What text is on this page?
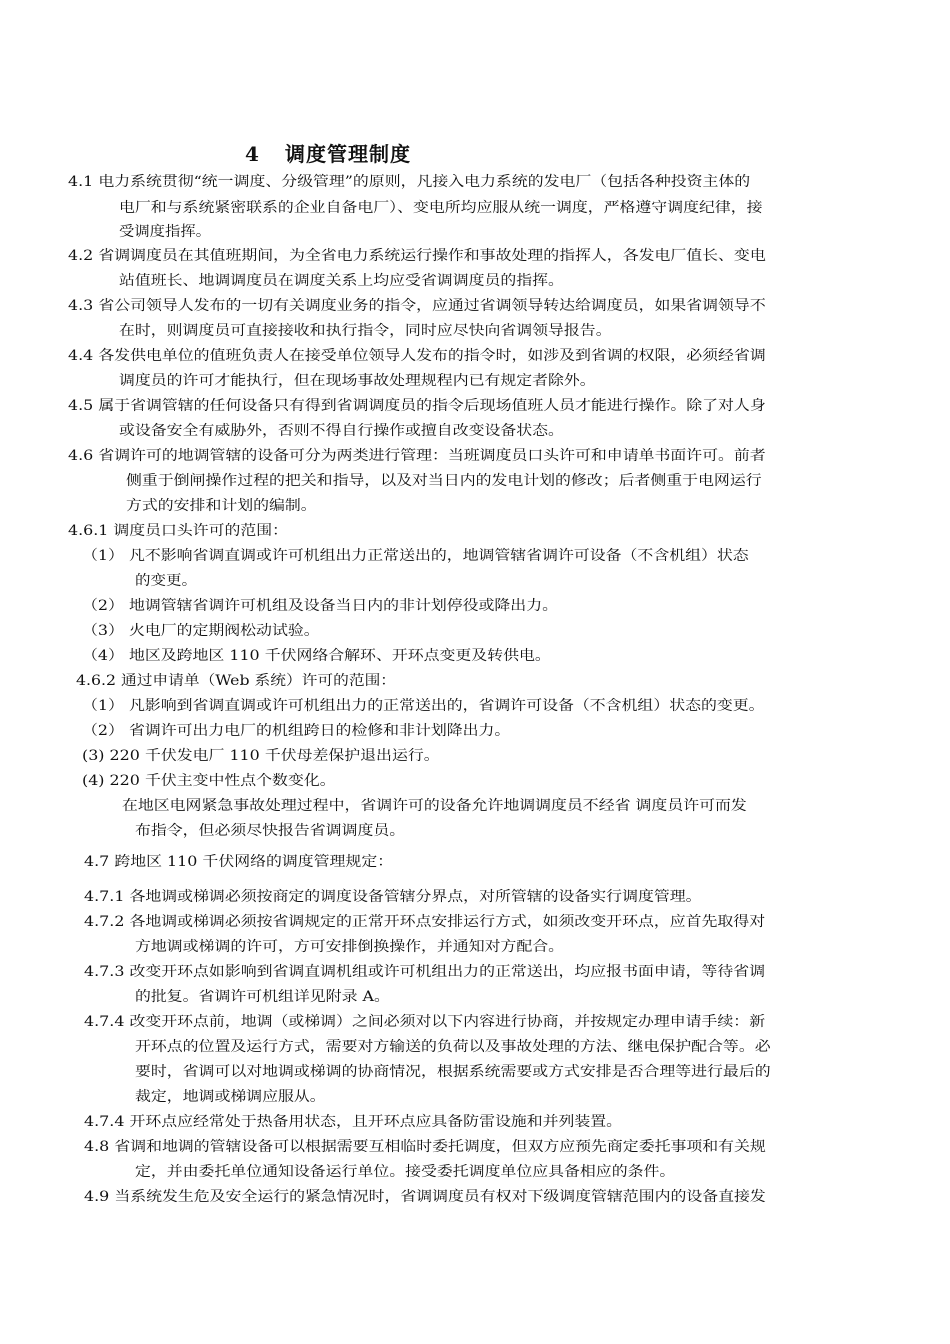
4 调度管理制度
4.1 电力系统贯彻“统一调度、分级管理”的原则，凡接入电力系统的发电厂（包括各种投资主体的
电厂和与系统紧密联系的企业自备电厂）、变电所均应服从统一调度，严格遵守调度纪律，接
受调度指挥。
4.2 省调调度员在其值班期间，为全省电力系统运行操作和事故处理的指挥人，各发电厂值长、变电
站值班长、地调调度员在调度关系上均应受省调调度员的指挥。
4.3 省公司领导人发布的一切有关调度业务的指令，应通过省调领导转达给调度员，如果省调领导不
在时，则调度员可直接接收和执行指令，同时应尽快向省调领导报告。
4.4 各发供电单位的值班负责人在接受单位领导人发布的指令时，如涉及到省调的权限，必须经省调
调度员的许可才能执行，但在现场事故处理规程内已有规定者除外。
4.5 属于省调管辖的任何设备只有得到省调调度员的指令后现场值班人员才能进行操作。除了对人身
或设备安全有威胁外，否则不得自行操作或擅自改变设备状态。
4.6 省调许可的地调管辖的设备可分为两类进行管理：当班调度员口头许可和申请单书面许可。前者
侧重于倒闸操作过程的把关和指导，以及对当日内的发电计划的修改；后者侧重于电网运行
方式的安排和计划的编制。
4.6.1 调度员口头许可的范围：
（1） 凡不影响省调直调或许可机组出力正常送出的，地调管辖省调许可设备（不含机组）状态
的变更。
（2） 地调管辖省调许可机组及设备当日内的非计划停役或降出力。
（3） 火电厂的定期阀松动试验。
（4） 地区及跨地区 110 千伏网络合解环、开环点变更及转供电。
4.6.2 通过申请单（Web 系统）许可的范围：
（1） 凡影响到省调直调或许可机组出力的正常送出的，省调许可设备（不含机组）状态的变更。
（2） 省调许可出力电厂的机组跨日的检修和非计划降出力。
(3) 220 千伏发电厂 110 千伏母差保护退出运行。
(4) 220 千伏主变中性点个数变化。
在地区电网紧急事故处理过程中，省调许可的设备允许地调调度员不经省 调度员许可而发
布指令，但必须尽快报告省调调度员。
4.7 跨地区 110 千伏网络的调度管理规定：
4.7.1 各地调或梯调必须按商定的调度设备管辖分界点，对所管辖的设备实行调度管理。
4.7.2 各地调或梯调必须按省调规定的正常开环点安排运行方式，如须改变开环点，应首先取得对
方地调或梯调的许可，方可安排倒换操作，并通知对方配合。
4.7.3 改变开环点如影响到省调直调机组或许可机组出力的正常送出，均应报书面申请，等待省调
的批复。省调许可机组详见附录 A。
4.7.4 改变开环点前，地调（或梯调）之间必须对以下内容进行协商，并按规定办理申请手续：新
开环点的位置及运行方式，需要对方输送的负荷以及事故处理的方法、继电保护配合等。必
要时，省调可以对地调或梯调的协商情况，根据系统需要或方式安排是否合理等进行最后的
裁定，地调或梯调应服从。
4.7.4 开环点应经常处于热备用状态，且开环点应具备防雷设施和并列装置。
4.8 省调和地调的管辖设备可以根据需要互相临时委托调度，但双方应预先商定委托事项和有关规
定，并由委托单位通知设备运行单位。接受委托调度单位应具备相应的条件。
4.9 当系统发生危及安全运行的紧急情况时，省调调度员有权对下级调度管辖范围内的设备直接发
